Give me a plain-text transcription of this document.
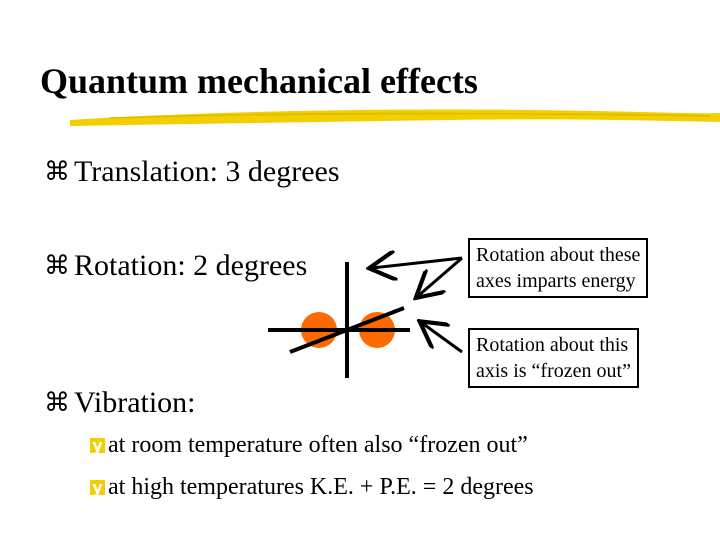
Quantum mechanical effects
⌘ Translation: 3 degrees
⌘ Rotation: 2 degrees
⌘ Vibration:
y at room temperature often also “frozen out”
y at high temperatures K.E. + P.E. = 2 degrees
Rotation about these
axes imparts energy
Rotation about this
axis is “frozen out”
